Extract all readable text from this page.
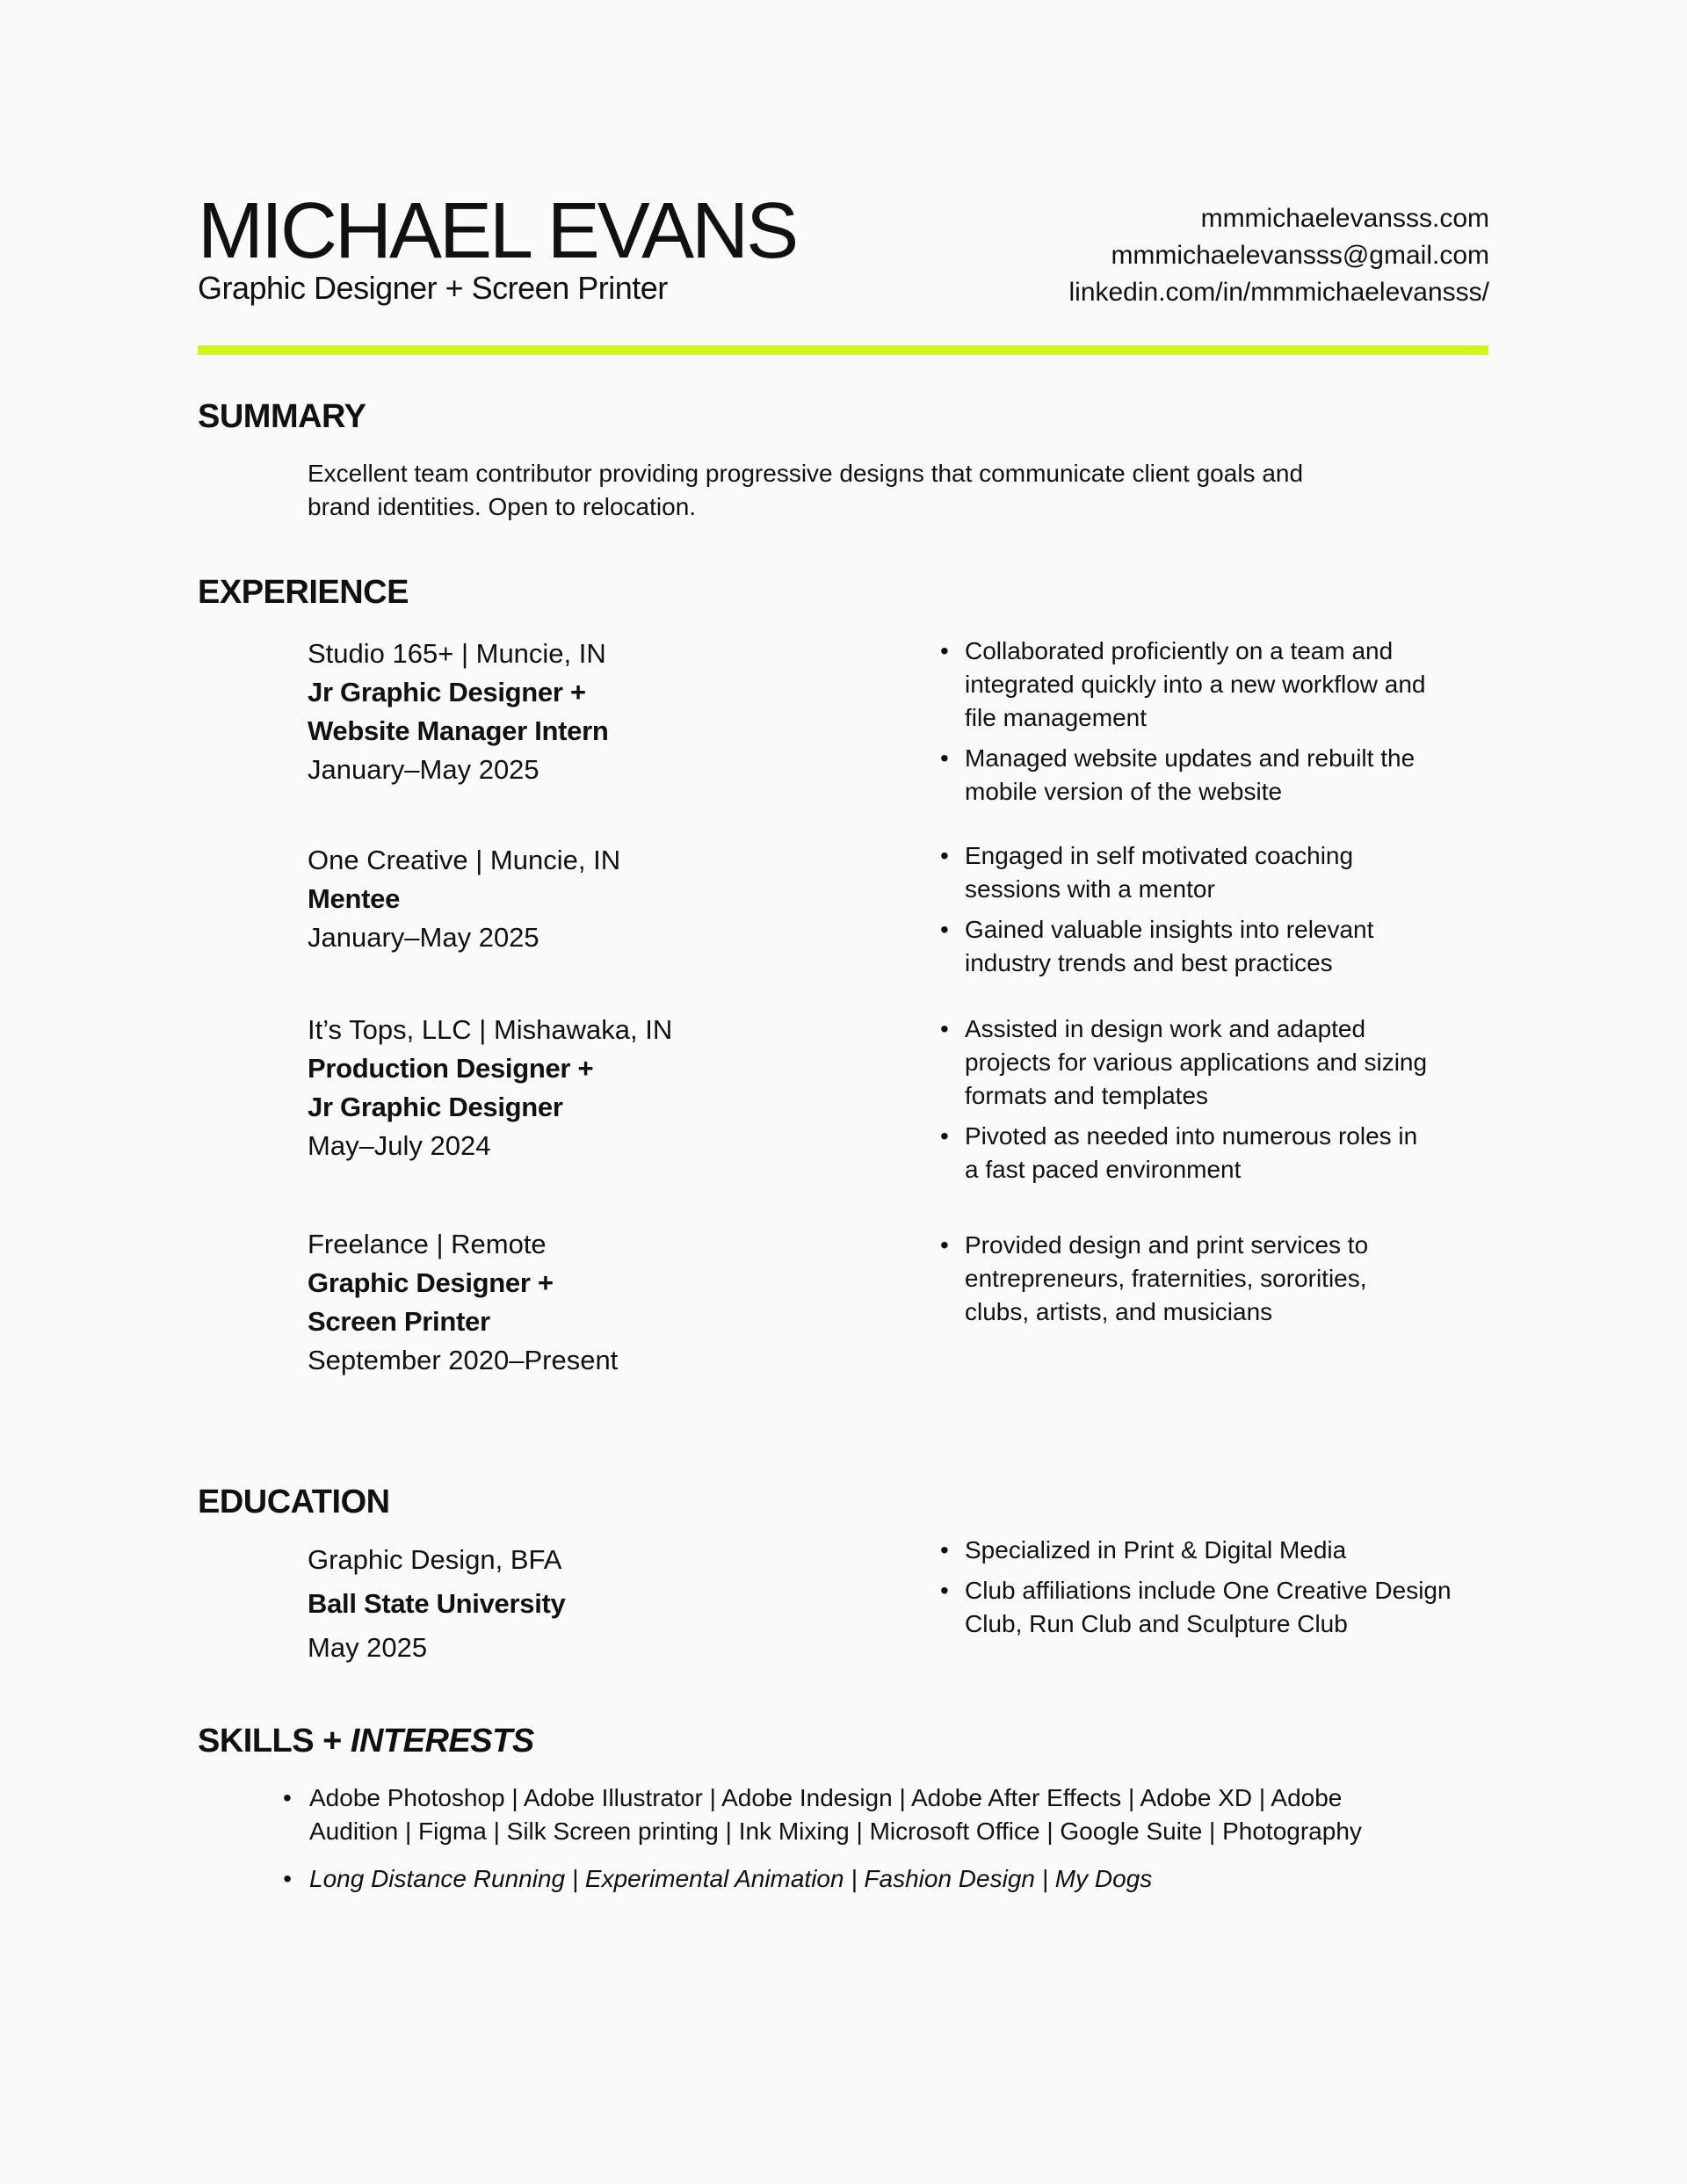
MICHAEL EVANS
Graphic Designer + Screen Printer
mmmichaelevansss.com
mmmichaelevansss@gmail.com
linkedin.com/in/mmmichaelevansss/
SUMMARY
Excellent team contributor providing progressive designs that communicate client goals and brand identities. Open to relocation.
EXPERIENCE
Studio 165+ | Muncie, IN
Jr Graphic Designer +
Website Manager Intern
January–May 2025
• Collaborated proficiently on a team and integrated quickly into a new workflow and file management
• Managed website updates and rebuilt the mobile version of the website
One Creative | Muncie, IN
Mentee
January–May 2025
• Engaged in self motivated coaching sessions with a mentor
• Gained valuable insights into relevant industry trends and best practices
It’s Tops, LLC | Mishawaka, IN
Production Designer +
Jr Graphic Designer
May–July 2024
• Assisted in design work and adapted projects for various applications and sizing formats and templates
• Pivoted as needed into numerous roles in a fast paced environment
Freelance | Remote
Graphic Designer +
Screen Printer
September 2020–Present
• Provided design and print services to entrepreneurs, fraternities, sororities, clubs, artists, and musicians
EDUCATION
Graphic Design, BFA
Ball State University
May 2025
• Specialized in Print & Digital Media
• Club affiliations include One Creative Design Club, Run Club and Sculpture Club
SKILLS + INTERESTS
• Adobe Photoshop | Adobe Illustrator | Adobe Indesign | Adobe After Effects | Adobe XD | Adobe Audition | Figma | Silk Screen printing | Ink Mixing | Microsoft Office | Google Suite | Photography
• Long Distance Running | Experimental Animation | Fashion Design | My Dogs
